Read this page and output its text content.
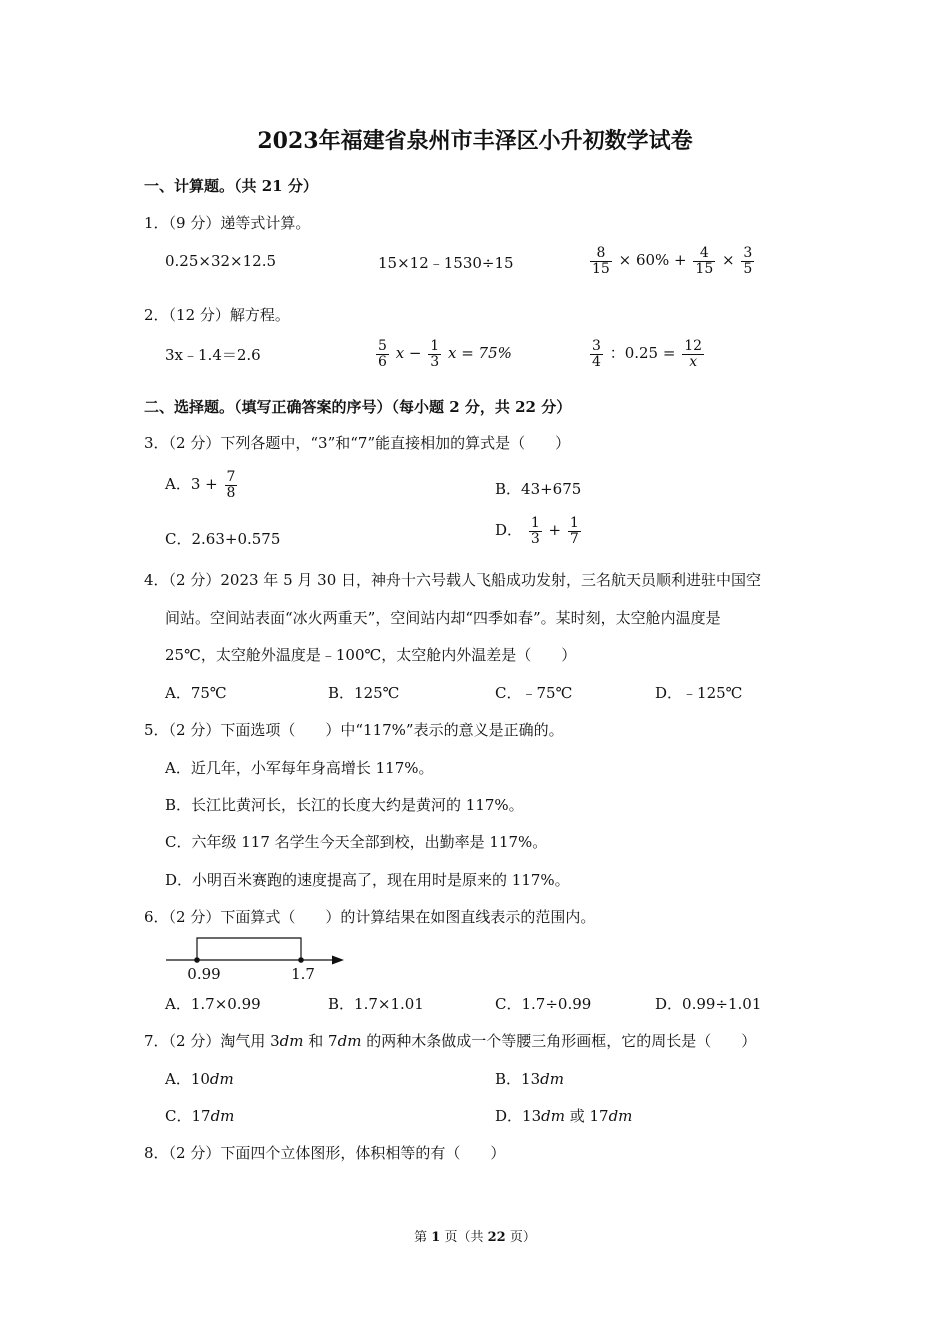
2023年福建省泉州市丰泽区小升初数学试卷
一、计算题。（共 21 分）
1．（9 分）递等式计算。
0.25×32×12.5	15×12﹣1530÷15	$\frac{8}{15} \times 60\% + \frac{4}{15} \times \frac{3}{5}$
2．（12 分）解方程。
3x﹣1.4＝2.6	$\frac{5}{6}$ $x - \frac{1}{3}$ x = 75%	$\frac{3}{4}$ ：$0.25 = \frac{12}{x}$
二、选择题。（填写正确答案的序号）（每小题 2 分，共 22 分）
3．（2 分）下列各题中，“3”和“7”能直接相加的算式是（　　）
A．$3 + \frac{7}{8}$	B．43+675
C．2.63+0.575	D． $\frac{1}{3} + \frac{1}{7}$
4．（2 分）2023 年 5 月 30 日，神舟十六号载人飞船成功发射，三名航天员顺利进驻中国空
间站。空间站表面“冰火两重天”，空间站内却“四季如春”。某时刻，太空舱内温度是
25℃，太空舱外温度是﹣100℃，太空舱内外温差是（　　）
A．75℃	B．125℃	C．﹣75℃	D．﹣125℃
5．（2 分）下面选项（　　）中“117%”表示的意义是正确的。
A．近几年，小军每年身高增长 117%。
B．长江比黄河长，长江的长度大约是黄河的 117%。
C．六年级 117 名学生今天全部到校，出勤率是 117%。
D．小明百米赛跑的速度提高了，现在用时是原来的 117%。
6．（2 分）下面算式（　　）的计算结果在如图直线表示的范围内。
0.99	1.7
A．1.7×0.99	B．1.7×1.01	C．1.7÷0.99	D．0.99÷1.01
7．（2 分）淘气用 3dm 和 7dm 的两种木条做成一个等腰三角形画框，它的周长是（　　）
A．10dm	B．13dm
C．17dm	D．13dm 或 17dm
8．（2 分）下面四个立体图形，体积相等的有（　　）
第 1 页（共 22 页）
